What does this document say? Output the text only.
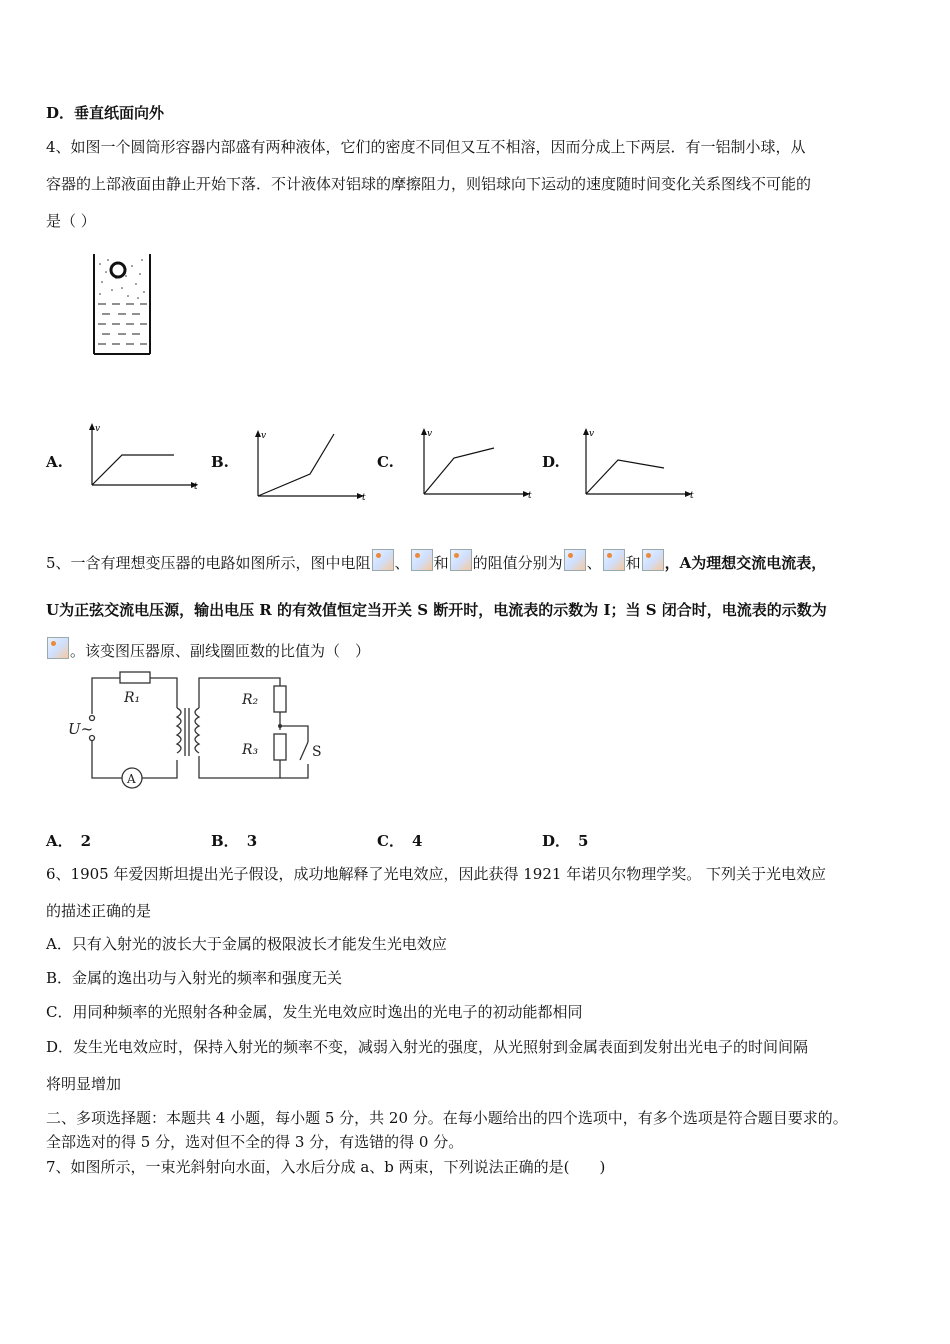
D．垂直纸面向外
4、如图一个圆筒形容器内部盛有两种液体，它们的密度不同但又互不相溶，因而分成上下两层．有一铝制小球，从
容器的上部液面由静止开始下落．不计液体对铝球的摩擦阻力，则铝球向下运动的速度随时间变化关系图线不可能的
是（ ）
A.
v
t
B.
v
t
C.
v
t
D.
v
t
5、一含有理想变压器的电路如图所示，图中电阻 、 和 的阻值分别为 、 和 ，A为理想交流电流表，
U为正弦交流电压源，输出电压 R 的有效值恒定当开关 S 断开时，电流表的示数为 I；当 S 闭合时，电流表的示数为
。该变图压器原、副线圈匝数的比值为（　）
U~
R₁	R₂
R₃	S
A
A． 2	B． 3	C． 4	D． 5
6、1905 年爱因斯坦提出光子假设，成功地解释了光电效应，因此获得 1921 年诺贝尔物理学奖。 下列关于光电效应
的描述正确的是
A．只有入射光的波长大于金属的极限波长才能发生光电效应
B．金属的逸出功与入射光的频率和强度无关
C．用同种频率的光照射各种金属，发生光电效应时逸出的光电子的初动能都相同
D．发生光电效应时，保持入射光的频率不变，减弱入射光的强度，从光照射到金属表面到发射出光电子的时间间隔
将明显增加
二、多项选择题：本题共 4 小题，每小题 5 分，共 20 分。在每小题给出的四个选项中，有多个选项是符合题目要求的。
全部选对的得 5 分，选对但不全的得 3 分，有选错的得 0 分。
7、如图所示，一束光斜射向水面，入水后分成 a、b 两束，下列说法正确的是(　　)
